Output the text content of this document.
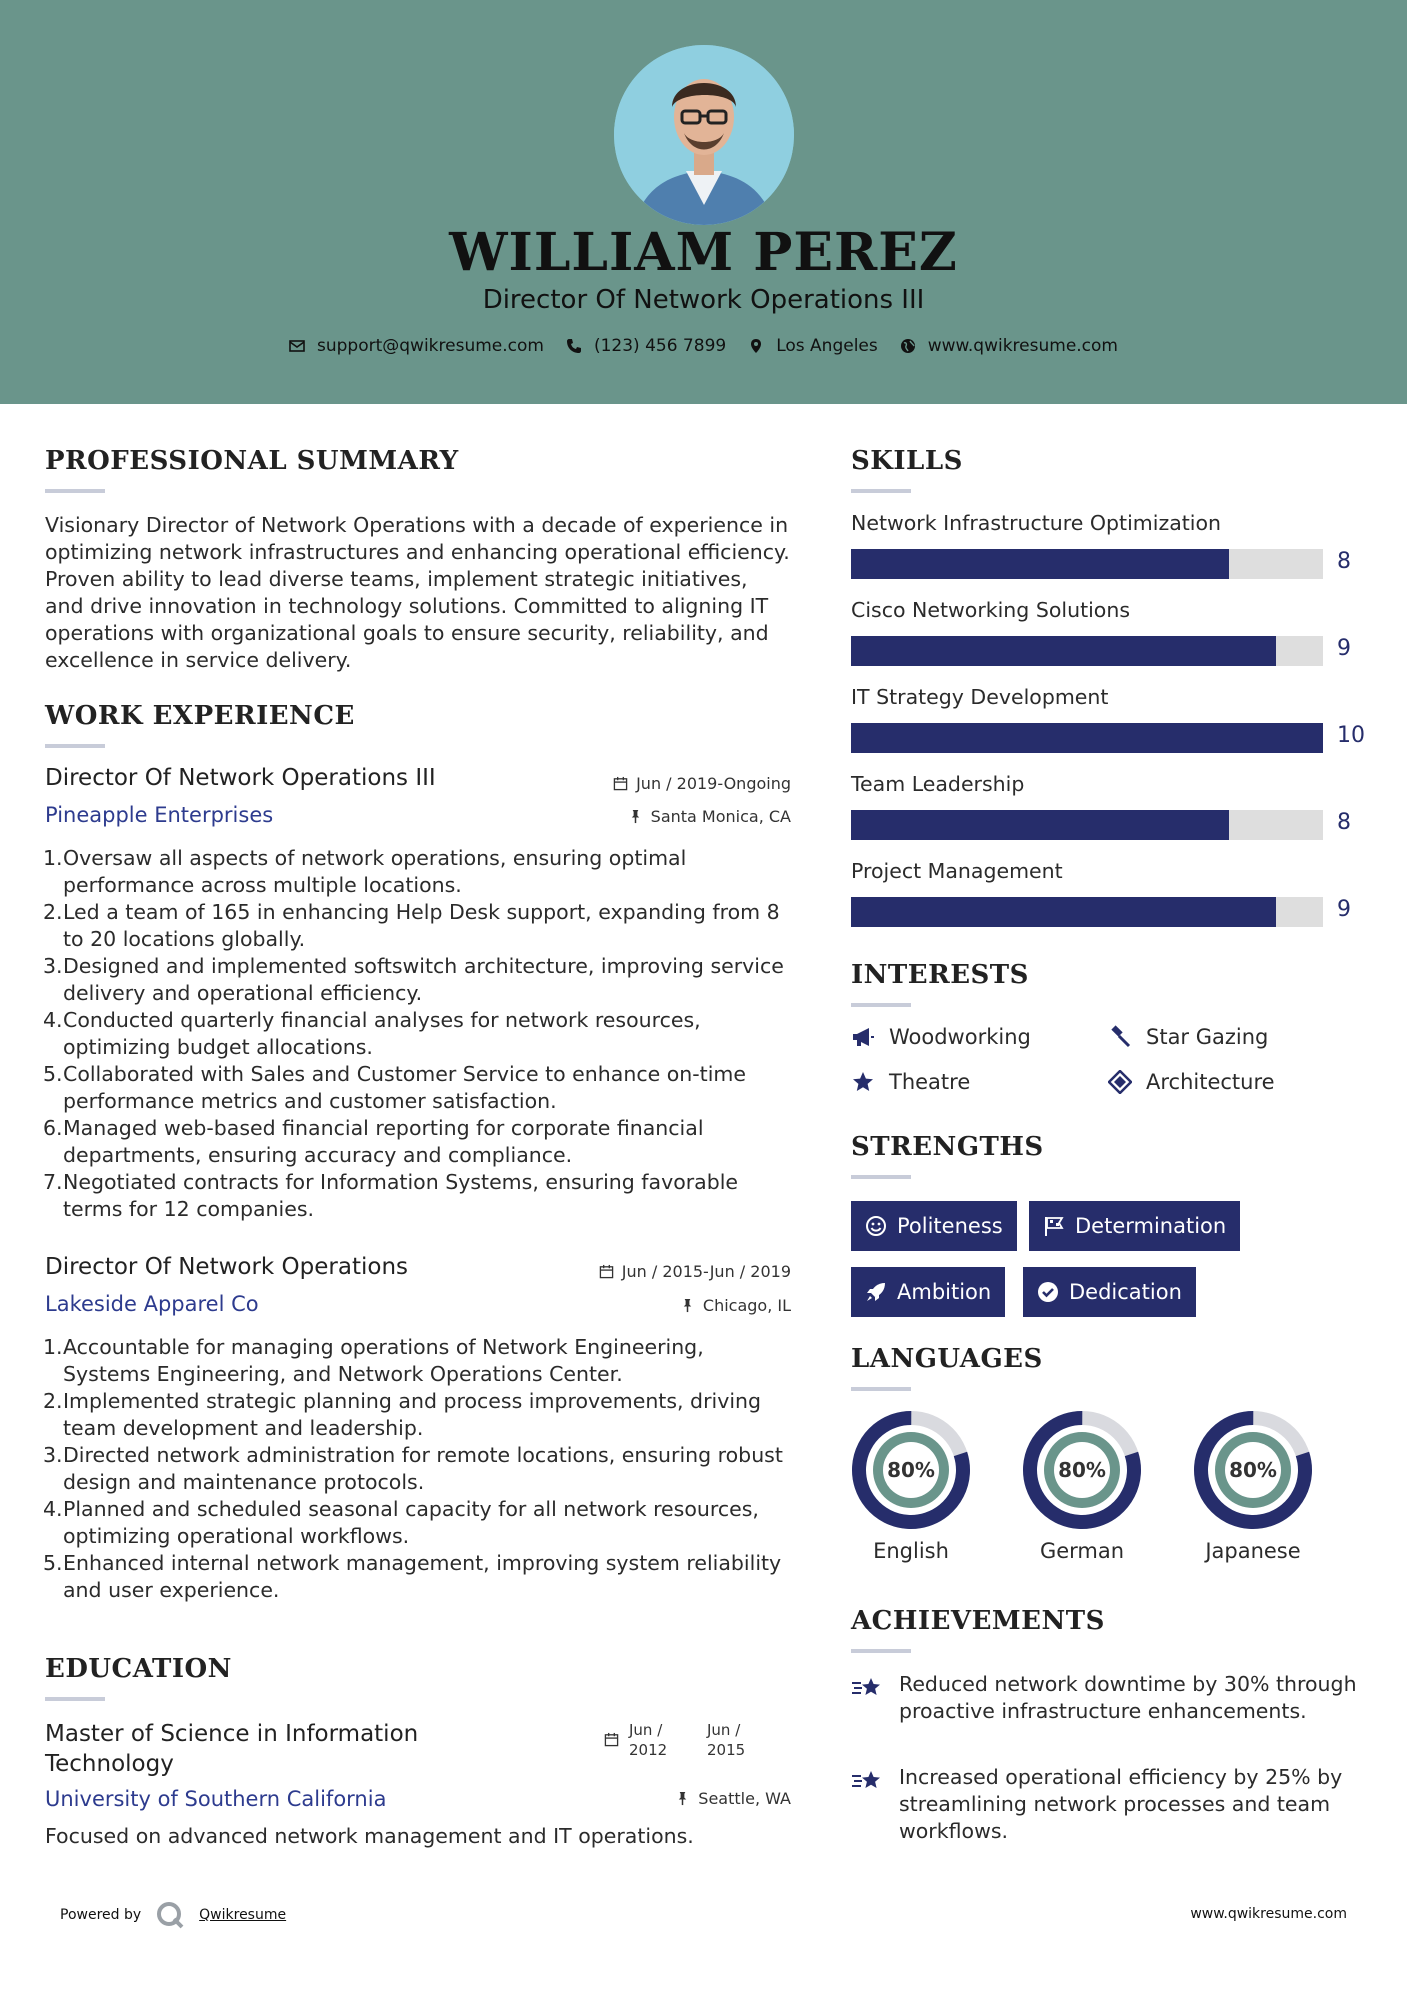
WILLIAM PEREZ
Director Of Network Operations III
support@qwikresume.com	(123) 456 7899	Los Angeles	www.qwikresume.com
PROFESSIONAL SUMMARY
Visionary Director of Network Operations with a decade of experience in optimizing network infrastructures and enhancing operational efficiency. Proven ability to lead diverse teams, implement strategic initiatives, and drive innovation in technology solutions. Committed to aligning IT operations with organizational goals to ensure security, reliability, and excellence in service delivery.
WORK EXPERIENCE
Director Of Network Operations III	Jun / 2019-Ongoing
Pineapple Enterprises	Santa Monica, CA
1. Oversaw all aspects of network operations, ensuring optimal performance across multiple locations.
2. Led a team of 165 in enhancing Help Desk support, expanding from 8 to 20 locations globally.
3. Designed and implemented softswitch architecture, improving service delivery and operational efficiency.
4. Conducted quarterly financial analyses for network resources, optimizing budget allocations.
5. Collaborated with Sales and Customer Service to enhance on-time performance metrics and customer satisfaction.
6. Managed web-based financial reporting for corporate financial departments, ensuring accuracy and compliance.
7. Negotiated contracts for Information Systems, ensuring favorable terms for 12 companies.
Director Of Network Operations	Jun / 2015-Jun / 2019
Lakeside Apparel Co	Chicago, IL
1. Accountable for managing operations of Network Engineering, Systems Engineering, and Network Operations Center.
2. Implemented strategic planning and process improvements, driving team development and leadership.
3. Directed network administration for remote locations, ensuring robust design and maintenance protocols.
4. Planned and scheduled seasonal capacity for all network resources, optimizing operational workflows.
5. Enhanced internal network management, improving system reliability and user experience.
EDUCATION
Master of Science in Information Technology
Jun / 2012
Jun / 2015
University of Southern California	Seattle, WA
Focused on advanced network management and IT operations.
SKILLS
Network Infrastructure Optimization
8
Cisco Networking Solutions
9
IT Strategy Development
10
Team Leadership
8
Project Management
9
INTERESTS
Woodworking	Star Gazing
Theatre	Architecture
STRENGTHS
Politeness	Determination
Ambition	Dedication
LANGUAGES
80%
English
80%
German
80%
Japanese
ACHIEVEMENTS
Reduced network downtime by 30% through proactive infrastructure enhancements.
Increased operational efficiency by 25% by streamlining network processes and team workflows.
Powered by	Qwikresume	www.qwikresume.com
